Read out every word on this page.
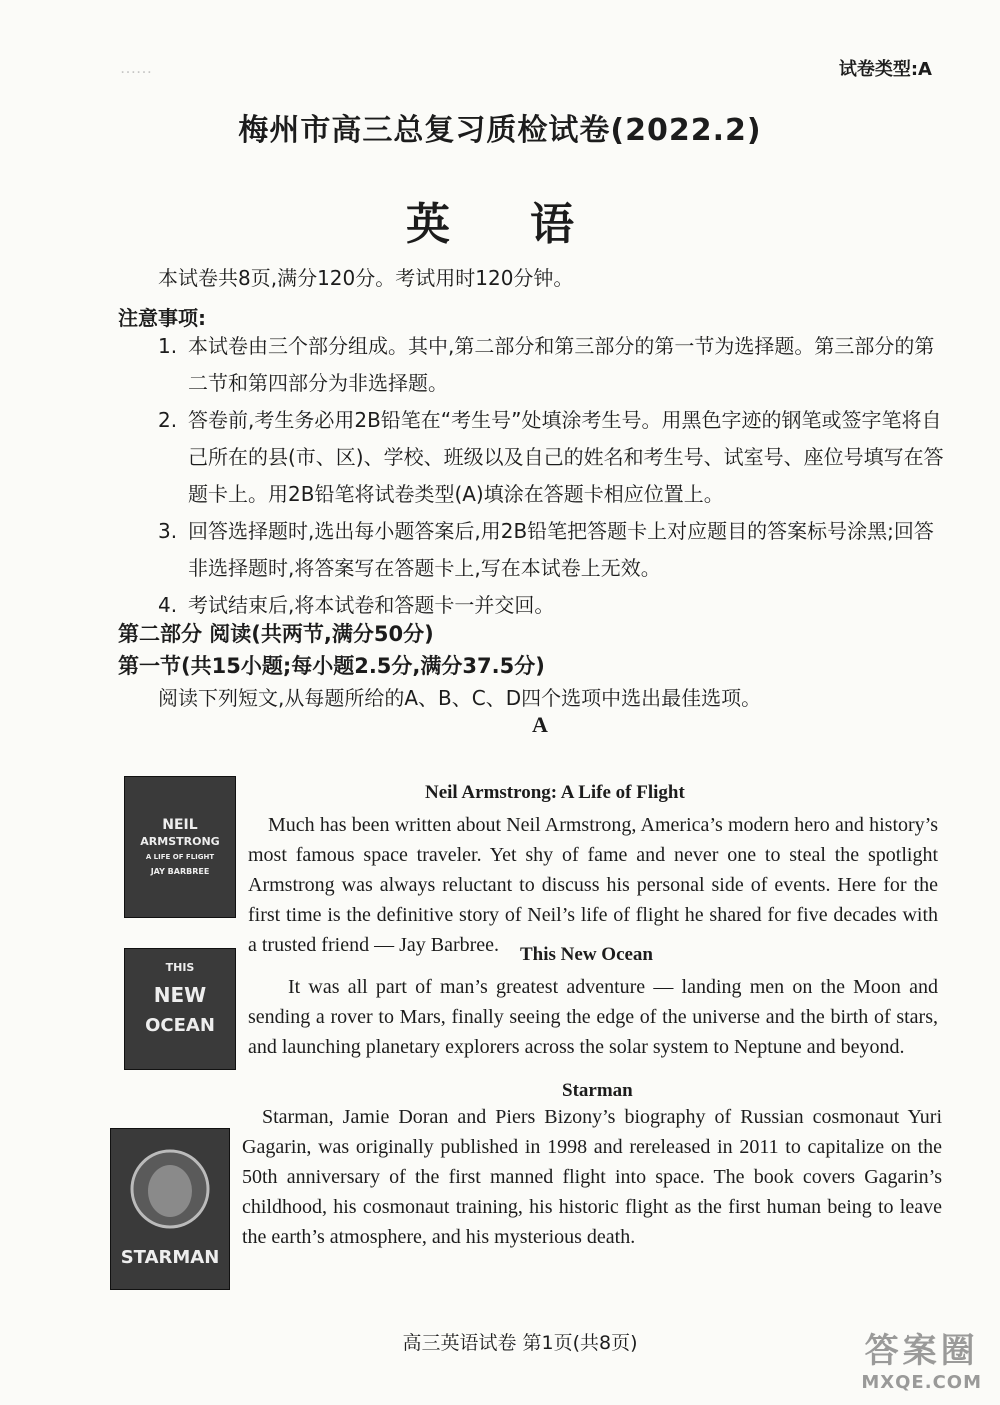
……	试卷类型:A
梅州市高三总复习质检试卷(2022.2)
英语
本试卷共8页,满分120分。考试用时120分钟。
注意事项:
1. 本试卷由三个部分组成。其中,第二部分和第三部分的第一节为选择题。第三部分的第二节和第四部分为非选择题。
2. 答卷前,考生务必用2B铅笔在“考生号”处填涂考生号。用黑色字迹的钢笔或签字笔将自己所在的县(市、区)、学校、班级以及自己的姓名和考生号、试室号、座位号填写在答题卡上。用2B铅笔将试卷类型(A)填涂在答题卡相应位置上。
3. 回答选择题时,选出每小题答案后,用2B铅笔把答题卡上对应题目的答案标号涂黑;回答非选择题时,将答案写在答题卡上,写在本试卷上无效。
4. 考试结束后,将本试卷和答题卡一并交回。
第二部分 阅读(共两节,满分50分)
第一节(共15小题;每小题2.5分,满分37.5分)
阅读下列短文,从每题所给的A、B、C、D四个选项中选出最佳选项。
A
NEIL
ARMSTRONG
A LIFE OF FLIGHT
JAY BARBREE
Neil Armstrong: A Life of Flight
Much has been written about Neil Armstrong, America’s modern hero and history’s most famous space traveler. Yet shy of fame and never one to steal the spotlight Armstrong was always reluctant to discuss his personal side of events. Here for the first time is the definitive story of Neil’s life of flight he shared for five decades with a trusted friend — Jay Barbree.
THIS
NEW
OCEAN
This New Ocean
It was all part of man’s greatest adventure — landing men on the Moon and sending a rover to Mars, finally seeing the edge of the universe and the birth of stars, and launching planetary explorers across the solar system to Neptune and beyond.
STARMAN
Starman
Starman, Jamie Doran and Piers Bizony’s biography of Russian cosmonaut Yuri Gagarin, was originally published in 1998 and rereleased in 2011 to capitalize on the 50th anniversary of the first manned flight into space. The book covers Gagarin’s childhood, his cosmonaut training, his historic flight as the first human being to leave the earth’s atmosphere, and his mysterious death.
高三英语试卷 第1页(共8页)	答案圈
MXQE.COM
